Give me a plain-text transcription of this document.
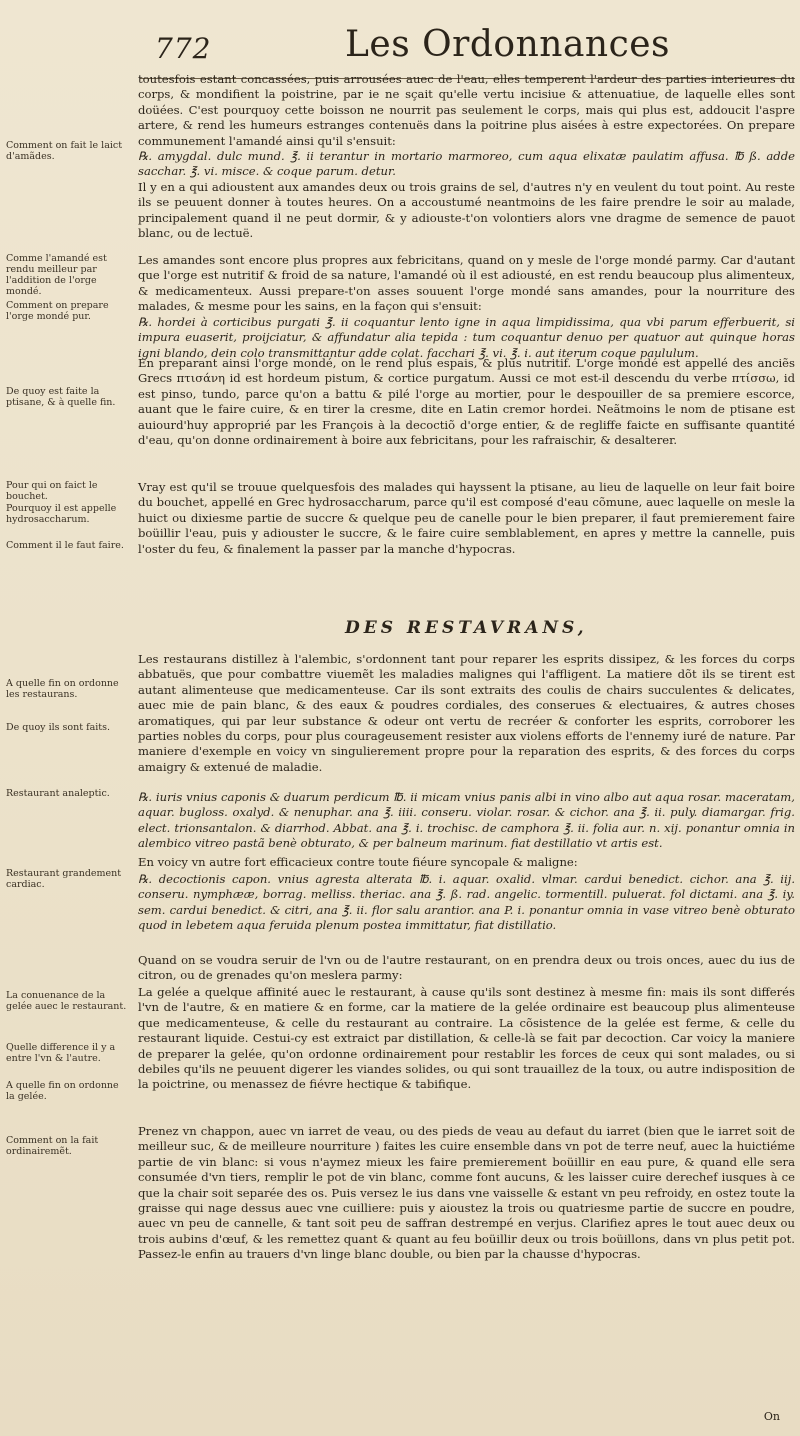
772	Les Ordonnances
Comment on fait le laict d'amãdes.
Comme l'amandé est rendu meilleur par l'addition de l'orge mondé.
Comment on prepare l'orge mondé pur.
De quoy est faite la ptisane, & à quelle fin.
Pour qui on faict le bouchet.
Pourquoy il est appelle hydrosaccharum.
Comment il le faut faire.
A quelle fin on ordonne les restaurans.
De quoy ils sont faits.
Restaurant analeptic.
Restaurant grandement cardiac.
La conuenance de la gelée auec le restaurant.
Quelle difference il y a entre l'vn & l'autre.
A quelle fin on ordonne la gelée.
Comment on la fait ordinairemẽt.

toutesfois estant concassées, puis arrousées auec de l'eau, elles temperent l'ardeur des parties interieures du corps, & mondifient la poistrine, par ie ne sçait qu'elle vertu incisiue & attenuatiue, de laquelle elles sont doüées. C'est pourquoy cette boisson ne nourrit pas seulement le corps, mais qui plus est, addoucit l'aspre artere, & rend les humeurs estranges contenuës dans la poitrine plus aisées à estre expectorées. On prepare communement l'amandé ainsi qu'il s'ensuit:

℞. amygdal. dulc mund. ℥. ii terantur in mortario marmoreo, cum aqua elixatæ paulatim affusa. ℔ ß. addе sacchar. ℥. vi. misce. & coque parum. detur.

Il y en a qui adioustent aux amandes deux ou trois grains de sel, d'autres n'y en veulent du tout point. Au reste ils se peuuent donner à toutes heures. On a accoustumé neantmoins de les faire prendre le soir au malade, principalement quand il ne peut dormir, & y adiouste-t'on volontiers alors vne dragme de semence de pauot blanc, ou de lectuë.

Les amandes sont encore plus propres aux febricitans, quand on y mesle de l'orge mondé parmy. Car d'autant que l'orge est nutritif & froid de sa nature, l'amandé où il est adiousté, en est rendu beaucoup plus alimenteux, & medicamenteux. Aussi prepare-t'on asses souuent l'orge mondé sans amandes, pour la nourriture des malades, & mesme pour les sains, en la façon qui s'ensuit:

℞. hordei à corticibus purgati ℥. ii coquantur lento igne in aqua limpidissima, qua vbi parum efferbuerit, si impura euaserit, proijciatur, & affundatur alia tepida : tum coquantur denuo per quatuor aut quinque horas igni blando, dein colo transmittantur adde colat. facchari ℥. vi. ℥. i. aut iterum coque paululum.

En preparant ainsi l'orge mondé, on le rend plus espais, & plus nutritif. L'orge mondé est appellé des anciẽs Grecs πτισάνη id est hordeum pistum, & cortice purgatum. Aussi ce mot est-il descendu du verbe πτίσσω, id est pinso, tundo, parce qu'on a battu & pilé l'orge au mortier, pour le despouiller de sa premiere escorce, auant que le faire cuire, & en tirer la cresme, dite en Latin cremor hordei. Neãtmoins le nom de ptisane est auiourd'huy approprié par les François à la decoctiõ d'orge entier, & de regliffe faicte en suffisante quantité d'eau, qu'on donne ordinairement à boire aux febricitans, pour les rafraischir, & desalterer.

Vray est qu'il se trouue quelquesfois des malades qui hayssent la ptisane, au lieu de laquelle on leur fait boire du bouchet, appellé en Grec hydrosaccharum, parce qu'il est composé d'eau cõmune, auec laquelle on mesle la huict ou dixiesme partie de succre & quelque peu de canelle pour le bien preparer, il faut premierement faire boüillir l'eau, puis y adiouster le succre, & le faire cuire semblablement, en apres y mettre la cannelle, puis l'oster du feu, & finalement la passer par la manche d'hypocras.

Les restaurans distillez à l'alembic, s'ordonnent tant pour reparer les esprits dissipez, & les forces du corps abbatuës, que pour combattre viuemẽt les maladies malignes qui l'affligent. La matiere dõt ils se tirent est autant alimenteuse que medicamenteuse. Car ils sont extraits des coulis de chairs succulentes & delicates, auec mie de pain blanc, & des eaux & poudres cordiales, des conserues & electuaires, & autres choses aromatiques, qui par leur substance & odeur ont vertu de recréer & conforter les esprits, corroborer les parties nobles du corps, pour plus courageusement resister aux violens efforts de l'ennemy iuré de nature. Par maniere d'exemple en voicy vn singulierement propre pour la reparation des esprits, & des forces du corps amaigry & extenué de maladie.

℞. iuris vnius caponis & duarum perdicum ℔. ii micam vnius panis albi in vino albo aut aqua rosar. maceratam, aquar. bugloss. oxalyd. & nenuphar. ana ℥. iiii. conseru. violar. rosar. & cichor. ana ℥. ii. puly. diamargar. frig. elect. trionsantalon. & diarrhod. Abbat. ana ℥. i. trochisc. de camphora ℥. ii. folia aur. n. xij. ponantur omnia in alembico vitreo pastã benè obturato, & per balneum marinum. fiat destillatio vt artis est.

En voicy vn autre fort efficacieux contre toute fiéure syncopale & maligne:

℞. decoctionis capon. vnius agresta alterata ℔. i. aquar. oxalid. vlmar. cardui benedict. cichor. ana ℥. iij. conseru. nymphææ, borrag. melliss. theriac. ana ℥. ß. rad. angelic. tormentill. puluerat. fol dictami. ana ℥. iy. sem. cardui benedict. & citri, ana ℥. ii. flor salu arantior. ana P. i. ponantur omnia in vase vitreo benè obturato quod in lebetem aqua feruida plenum postea immittatur, fiat distillatio.

Quand on se voudra seruir de l'vn ou de l'autre restaurant, on en prendra deux ou trois onces, auec du ius de citron, ou de grenades qu'on meslera parmy:

La gelée a quelque affinité auec le restaurant, à cause qu'ils sont destinez à mesme fin: mais ils sont differés l'vn de l'autre, & en matiere & en forme, car la matiere de la gelée ordinaire est beaucoup plus alimenteuse que medicamenteuse, & celle du restaurant au contraire. La cõsistence de la gelée est ferme, & celle du restaurant liquide. Cestui-cy est extraict par distillation, & celle-là se fait par decoction. Car voicy la maniere de preparer la gelée, qu'on ordonne ordinairement pour restablir les forces de ceux qui sont malades, ou si debiles qu'ils ne peuuent digerer les viandes solides, ou qui sont trauaillez de la toux, ou autre indisposition de la poictrine, ou menassez de fiévre hectique & tabifique.

Prenez vn chappon, auec vn iarret de veau, ou des pieds de veau au defaut du iarret (bien que le iarret soit de meilleur suc, & de meilleure nourriture ) faites les cuire ensemble dans vn pot de terre neuf, auec la huictiéme partie de vin blanc: si vous n'aymez mieux les faire premierement boüillir en eau pure, & quand elle sera consumée d'vn tiers, remplir le pot de vin blanc, comme font aucuns, & les laisser cuire derechef iusques à ce que la chair soit separée des os. Puis versez le ius dans vne vaisselle & estant vn peu refroidy, en ostez toute la graisse qui nage dessus auec vne cuilliere: puis y aioustez la trois ou quatriesme partie de succre en poudre, auec vn peu de cannelle, & tant soit peu de saffran destrempé en verjus. Clarifiez apres le tout auec deux ou trois aubins d'œuf, & les remettez quant & quant au feu boüillir deux ou trois boüillons, dans vn plus petit pot. Passez-le enfin au trauers d'vn linge blanc double, ou bien par la chausse d'hypocras.

DES RESTAVRANS,
On
